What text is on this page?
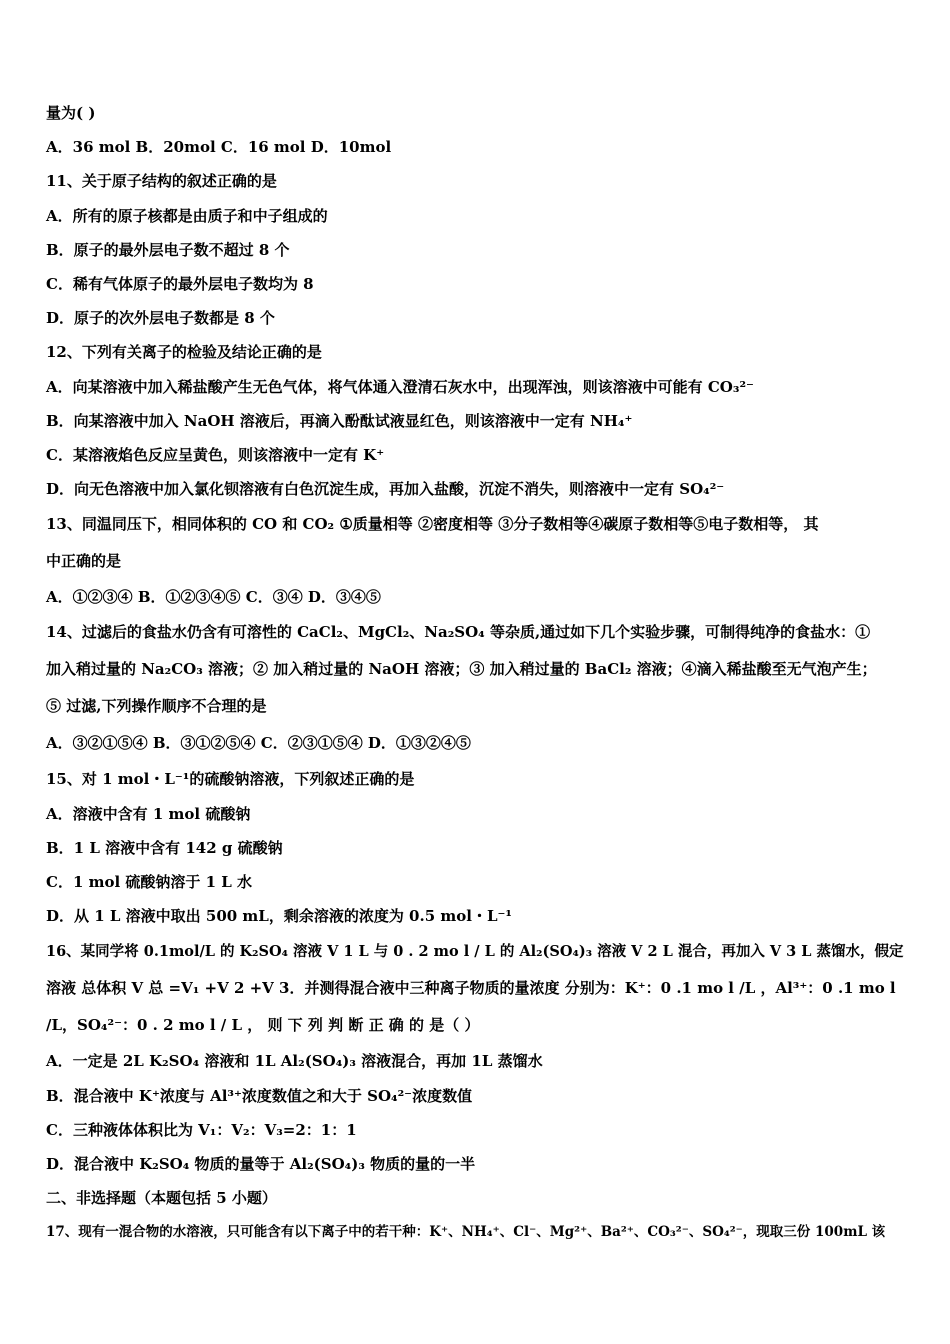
量为( )
A．36 mol B．20mol C．16 mol D．10mol
11、关于原子结构的叙述正确的是
A．所有的原子核都是由质子和中子组成的
B．原子的最外层电子数不超过 8 个
C．稀有气体原子的最外层电子数均为 8
D．原子的次外层电子数都是 8 个
12、下列有关离子的检验及结论正确的是
A．向某溶液中加入稀盐酸产生无色气体，将气体通入澄清石灰水中，出现浑浊，则该溶液中可能有 CO₃²⁻
B．向某溶液中加入 NaOH 溶液后，再滴入酚酞试液显红色，则该溶液中一定有 NH₄⁺
C．某溶液焰色反应呈黄色，则该溶液中一定有 K⁺
D．向无色溶液中加入氯化钡溶液有白色沉淀生成，再加入盐酸，沉淀不消失，则溶液中一定有 SO₄²⁻
13、同温同压下，相同体积的 CO 和 CO₂ ①质量相等 ②密度相等 ③分子数相等④碳原子数相等⑤电子数相等， 其
中正确的是
A．①②③④ B．①②③④⑤ C．③④ D．③④⑤
14、过滤后的食盐水仍含有可溶性的 CaCl₂、MgCl₂、Na₂SO₄ 等杂质,通过如下几个实验步骤，可制得纯净的食盐水：①
加入稍过量的 Na₂CO₃ 溶液；② 加入稍过量的 NaOH 溶液；③ 加入稍过量的 BaCl₂ 溶液；④滴入稀盐酸至无气泡产生；
⑤ 过滤,下列操作顺序不合理的是
A．③②①⑤④ B．③①②⑤④ C．②③①⑤④ D．①③②④⑤
15、对 1 mol・L⁻¹的硫酸钠溶液，下列叙述正确的是
A．溶液中含有 1 mol 硫酸钠
B．1 L 溶液中含有 142 g 硫酸钠
C．1 mol 硫酸钠溶于 1 L 水
D．从 1 L 溶液中取出 500 mL，剩余溶液的浓度为 0.5 mol・L⁻¹
16、某同学将 0.1mol/L 的 K₂SO₄ 溶液 V 1 L 与 0 . 2 mo l / L 的 Al₂(SO₄)₃ 溶液 V 2 L 混合，再加入 V 3 L 蒸馏水，假定
溶液 总体积 V 总 =V₁ +V 2 +V 3．并测得混合液中三种离子物质的量浓度 分别为：K⁺：0 .1 mo l /L ，Al³⁺：0 .1 mo l
/L，SO₄²⁻：0 . 2 mo l / L ， 则 下 列 判 断 正 确 的 是（ ）
A．一定是 2L K₂SO₄ 溶液和 1L Al₂(SO₄)₃ 溶液混合，再加 1L 蒸馏水
B．混合液中 K⁺浓度与 Al³⁺浓度数值之和大于 SO₄²⁻浓度数值
C．三种液体体积比为 V₁：V₂：V₃=2：1：1
D．混合液中 K₂SO₄ 物质的量等于 Al₂(SO₄)₃ 物质的量的一半
二、非选择题（本题包括 5 小题）
17、现有一混合物的水溶液，只可能含有以下离子中的若干种：K⁺、NH₄⁺、Cl⁻、Mg²⁺、Ba²⁺、CO₃²⁻、SO₄²⁻，现取三份 100mL 该
